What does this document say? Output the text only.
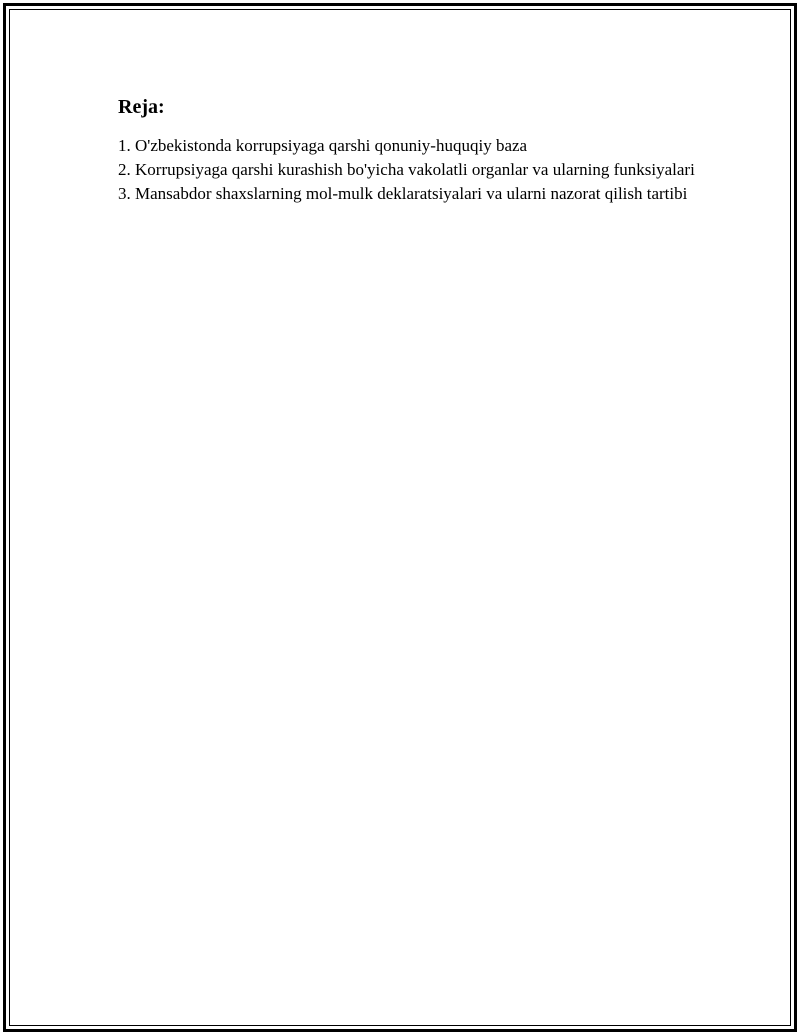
Reja:
1. O'zbekistonda korrupsiyaga qarshi qonuniy-huquqiy baza
2. Korrupsiyaga qarshi kurashish bo'yicha vakolatli organlar va ularning funksiyalari
3. Mansabdor shaxslarning mol-mulk deklaratsiyalari va ularni nazorat qilish tartibi
